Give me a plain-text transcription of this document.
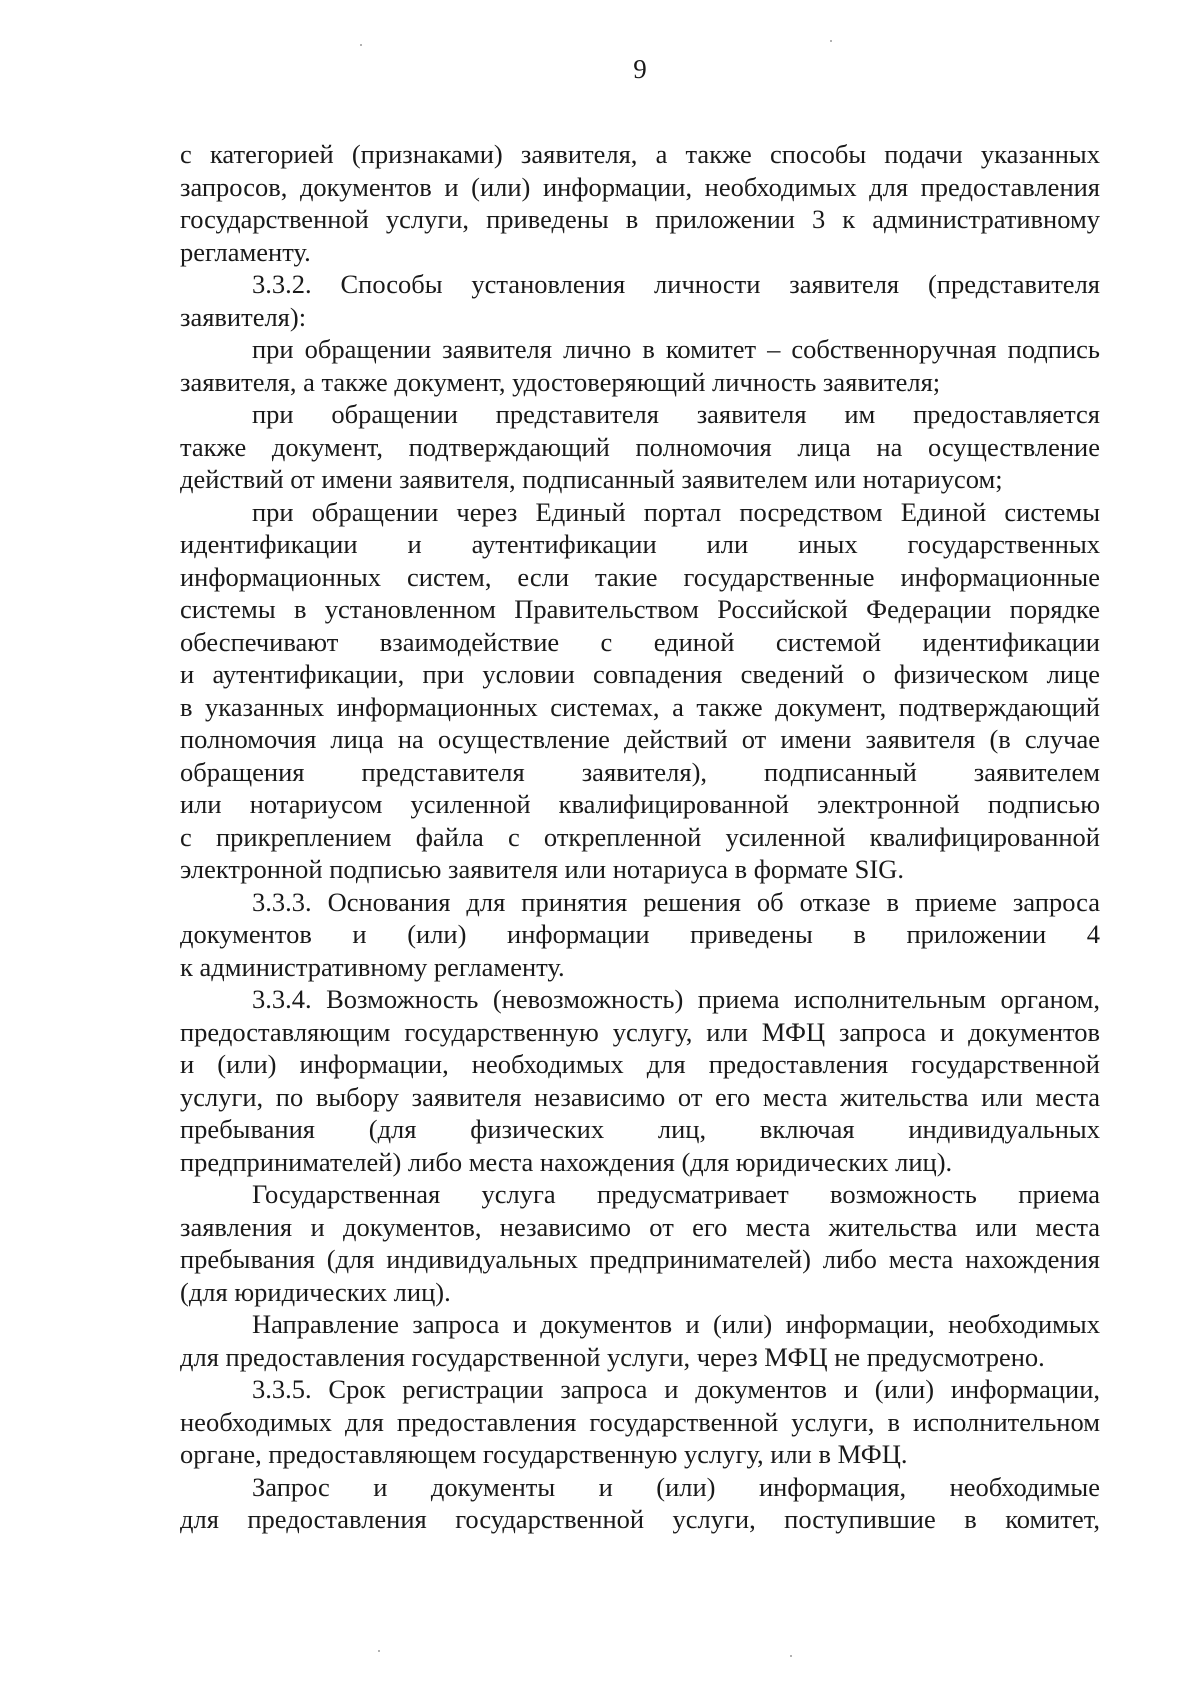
9

с категорией (признаками) заявителя, а также способы подачи указанных

запросов, документов и (или) информации, необходимых для предоставления

государственной услуги, приведены в приложении 3 к административному

регламенту.

3.3.2. Способы установления личности заявителя (представителя

заявителя):

при обращении заявителя лично в комитет – собственноручная подпись

заявителя, а также документ, удостоверяющий личность заявителя;

при обращении представителя заявителя им предоставляется

также документ, подтверждающий полномочия лица на осуществление

действий от имени заявителя, подписанный заявителем или нотариусом;

при обращении через Единый портал посредством Единой системы

идентификации и аутентификации или иных государственных

информационных систем, если такие государственные информационные

системы в установленном Правительством Российской Федерации порядке

обеспечивают взаимодействие с единой системой идентификации

и аутентификации, при условии совпадения сведений о физическом лице

в указанных информационных системах, а также документ, подтверждающий

полномочия лица на осуществление действий от имени заявителя (в случае

обращения представителя заявителя), подписанный заявителем

или нотариусом усиленной квалифицированной электронной подписью

с прикреплением файла с открепленной усиленной квалифицированной

электронной подписью заявителя или нотариуса в формате SIG.

3.3.3. Основания для принятия решения об отказе в приеме запроса

документов и (или) информации приведены в приложении 4

к административному регламенту.

3.3.4. Возможность (невозможность) приема исполнительным органом,

предоставляющим государственную услугу, или МФЦ запроса и документов

и (или) информации, необходимых для предоставления государственной

услуги, по выбору заявителя независимо от его места жительства или места

пребывания (для физических лиц, включая индивидуальных

предпринимателей) либо места нахождения (для юридических лиц).

Государственная услуга предусматривает возможность приема

заявления и документов, независимо от его места жительства или места

пребывания (для индивидуальных предпринимателей) либо места нахождения

(для юридических лиц).

Направление запроса и документов и (или) информации, необходимых

для предоставления государственной услуги, через МФЦ не предусмотрено.

3.3.5. Срок регистрации запроса и документов и (или) информации,

необходимых для предоставления государственной услуги, в исполнительном

органе, предоставляющем государственную услугу, или в МФЦ.

Запрос и документы и (или) информация, необходимые

для предоставления государственной услуги, поступившие в комитет,
